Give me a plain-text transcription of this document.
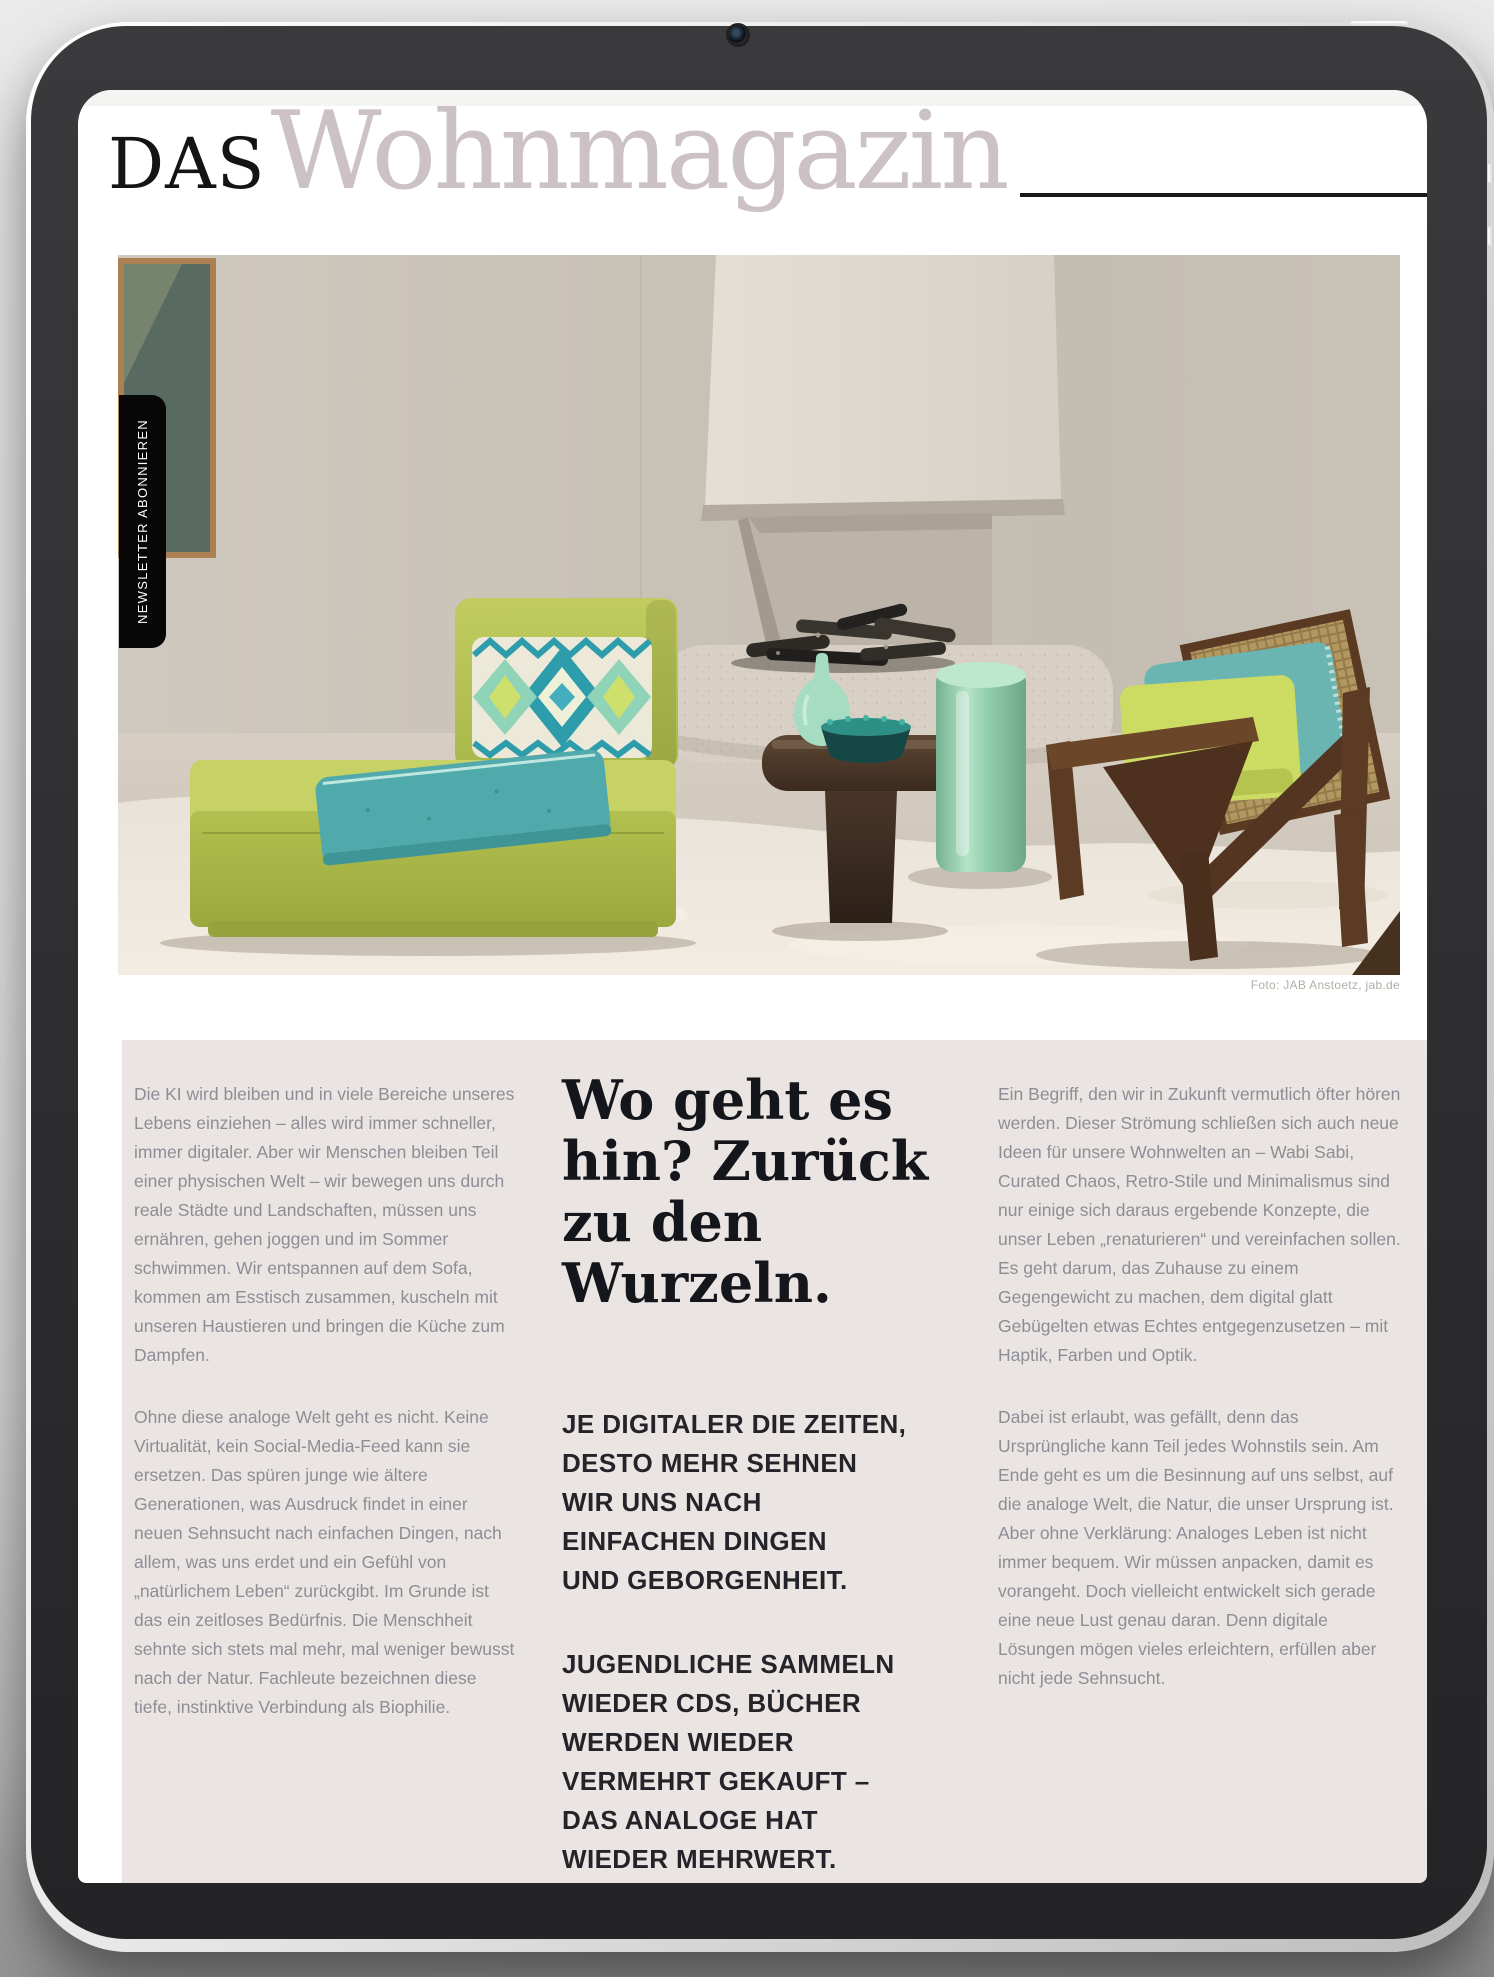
DAS Wohnmagazin
NEWSLETTER ABONNIEREN
Foto: JAB Anstoetz, jab.de

Die KI wird bleiben und in viele Bereiche unseres Lebens einziehen – alles wird immer schneller, immer digitaler. Aber wir Menschen bleiben Teil einer physischen Welt – wir bewegen uns durch reale Städte und Landschaften, müssen uns ernähren, gehen joggen und im Sommer schwimmen. Wir entspannen auf dem Sofa, kommen am Esstisch zusammen, kuscheln mit unseren Haustieren und bringen die Küche zum Dampfen.

Ohne diese analoge Welt geht es nicht. Keine Virtualität, kein Social-Media-Feed kann sie ersetzen. Das spüren junge wie ältere Generationen, was Ausdruck findet in einer neuen Sehnsucht nach einfachen Dingen, nach allem, was uns erdet und ein Gefühl von „natürlichem Leben“ zurückgibt. Im Grunde ist das ein zeitloses Bedürfnis. Die Menschheit sehnte sich stets mal mehr, mal weniger bewusst nach der Natur. Fachleute bezeichnen diese tiefe, instinktive Verbindung als Biophilie.

Wo geht es
hin? Zurück
zu den
Wurzeln.
JE DIGITALER DIE ZEITEN,
DESTO MEHR SEHNEN
WIR UNS NACH
EINFACHEN DINGEN
UND GEBORGENHEIT.
JUGENDLICHE SAMMELN
WIEDER CDS, BÜCHER
WERDEN WIEDER
VERMEHRT GEKAUFT –
DAS ANALOGE HAT
WIEDER MEHRWERT.

Ein Begriff, den wir in Zukunft vermutlich öfter hören werden. Dieser Strömung schließen sich auch neue Ideen für unsere Wohnwelten an – Wabi Sabi, Curated Chaos, Retro-Stile und Minimalismus sind nur einige sich daraus ergebende Konzepte, die unser Leben „renaturieren“ und vereinfachen sollen. Es geht darum, das Zuhause zu einem Gegengewicht zu machen, dem digital glatt Gebügelten etwas Echtes entgegenzusetzen – mit Haptik, Farben und Optik.

Dabei ist erlaubt, was gefällt, denn das Ursprüngliche kann Teil jedes Wohnstils sein. Am Ende geht es um die Besinnung auf uns selbst, auf die analoge Welt, die Natur, die unser Ursprung ist. Aber ohne Verklärung: Analoges Leben ist nicht immer bequem. Wir müssen anpacken, damit es vorangeht. Doch vielleicht entwickelt sich gerade eine neue Lust genau daran. Denn digitale Lösungen mögen vieles erleichtern, erfüllen aber nicht jede Sehnsucht.
